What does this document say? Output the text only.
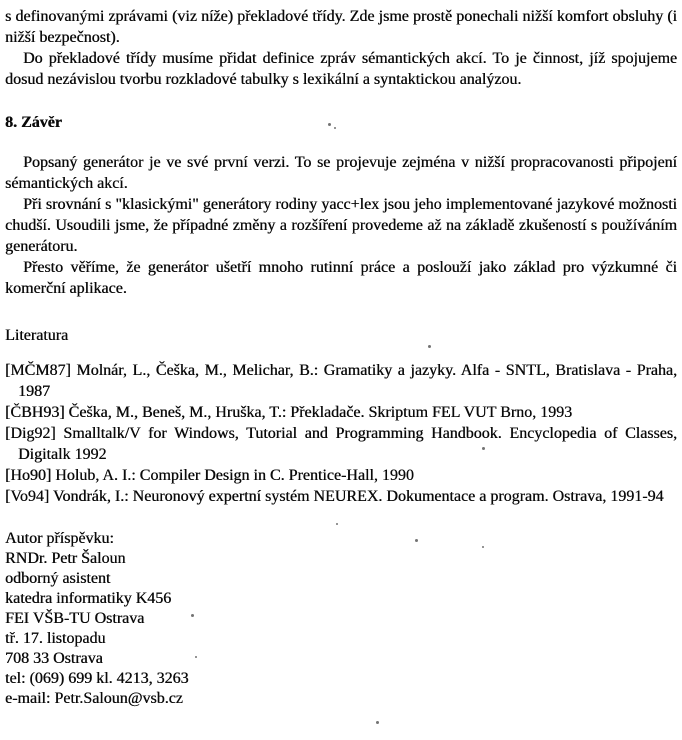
s definovanými zprávami (viz níže) překladové třídy. Zde jsme prostě ponechali nižší komfort obsluhy (i nižší bezpečnost).

Do překladové třídy musíme přidat definice zpráv sémantických akcí. To je činnost, jíž spojujeme dosud nezávislou tvorbu rozkladové tabulky s lexikální a syntaktickou analýzou.

8. Závěr

Popsaný generátor je ve své první verzi. To se projevuje zejména v nižší propracovanosti připojení sémantických akcí.

Při srovnání s "klasickými" generátory rodiny yacc+lex jsou jeho implementované jazykové možnosti chudší. Usoudili jsme, že případné změny a rozšíření provedeme až na základě zkušeností s používáním generátoru.

Přesto věříme, že generátor ušetří mnoho rutinní práce a poslouží jako základ pro výzkumné či komerční aplikace.

Literatura

[MČM87] Molnár, L., Češka, M., Melichar, B.: Gramatiky a jazyky. Alfa - SNTL, Bratislava - Praha, 1987

[ČBH93] Češka, M., Beneš, M., Hruška, T.: Překladače. Skriptum FEL VUT Brno, 1993

[Dig92] Smalltalk/V for Windows, Tutorial and Programming Handbook. Encyclopedia of Classes, Digitalk 1992

[Ho90] Holub, A. I.: Compiler Design in C. Prentice-Hall, 1990

[Vo94] Vondrák, I.: Neuronový expertní systém NEUREX. Dokumentace a program. Ostrava, 1991-94

Autor příspěvku:

RNDr. Petr Šaloun

odborný asistent

katedra informatiky K456

FEI VŠB-TU Ostrava

tř. 17. listopadu

708 33 Ostrava

tel: (069) 699 kl. 4213, 3263

e-mail: Petr.Saloun@vsb.cz
